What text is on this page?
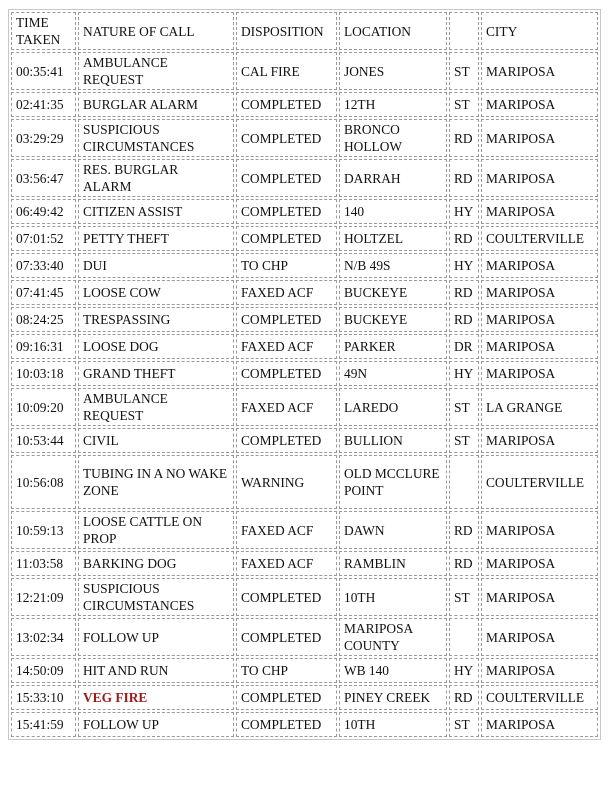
TIME TAKEN	NATURE OF CALL	DISPOSITION	LOCATION		CITY
00:35:41	AMBULANCE REQUEST	CAL FIRE	JONES	ST	MARIPOSA
02:41:35	BURGLAR ALARM	COMPLETED	12TH	ST	MARIPOSA
03:29:29	SUSPICIOUS CIRCUMSTANCES	COMPLETED	BRONCO HOLLOW	RD	MARIPOSA
03:56:47	RES. BURGLAR ALARM	COMPLETED	DARRAH	RD	MARIPOSA
06:49:42	CITIZEN ASSIST	COMPLETED	140	HY	MARIPOSA
07:01:52	PETTY THEFT	COMPLETED	HOLTZEL	RD	COULTERVILLE
07:33:40	DUI	TO CHP	N/B 49S	HY	MARIPOSA
07:41:45	LOOSE COW	FAXED ACF	BUCKEYE	RD	MARIPOSA
08:24:25	TRESPASSING	COMPLETED	BUCKEYE	RD	MARIPOSA
09:16:31	LOOSE DOG	FAXED ACF	PARKER	DR	MARIPOSA
10:03:18	GRAND THEFT	COMPLETED	49N	HY	MARIPOSA
10:09:20	AMBULANCE REQUEST	FAXED ACF	LAREDO	ST	LA GRANGE
10:53:44	CIVIL	COMPLETED	BULLION	ST	MARIPOSA
10:56:08	TUBING IN A NO WAKE ZONE	WARNING	OLD MCCLURE POINT		COULTERVILLE
10:59:13	LOOSE CATTLE ON PROP	FAXED ACF	DAWN	RD	MARIPOSA
11:03:58	BARKING DOG	FAXED ACF	RAMBLIN	RD	MARIPOSA
12:21:09	SUSPICIOUS CIRCUMSTANCES	COMPLETED	10TH	ST	MARIPOSA
13:02:34	FOLLOW UP	COMPLETED	MARIPOSA COUNTY		MARIPOSA
14:50:09	HIT AND RUN	TO CHP	WB 140	HY	MARIPOSA
15:33:10	VEG FIRE	COMPLETED	PINEY CREEK	RD	COULTERVILLE
15:41:59	FOLLOW UP	COMPLETED	10TH	ST	MARIPOSA
